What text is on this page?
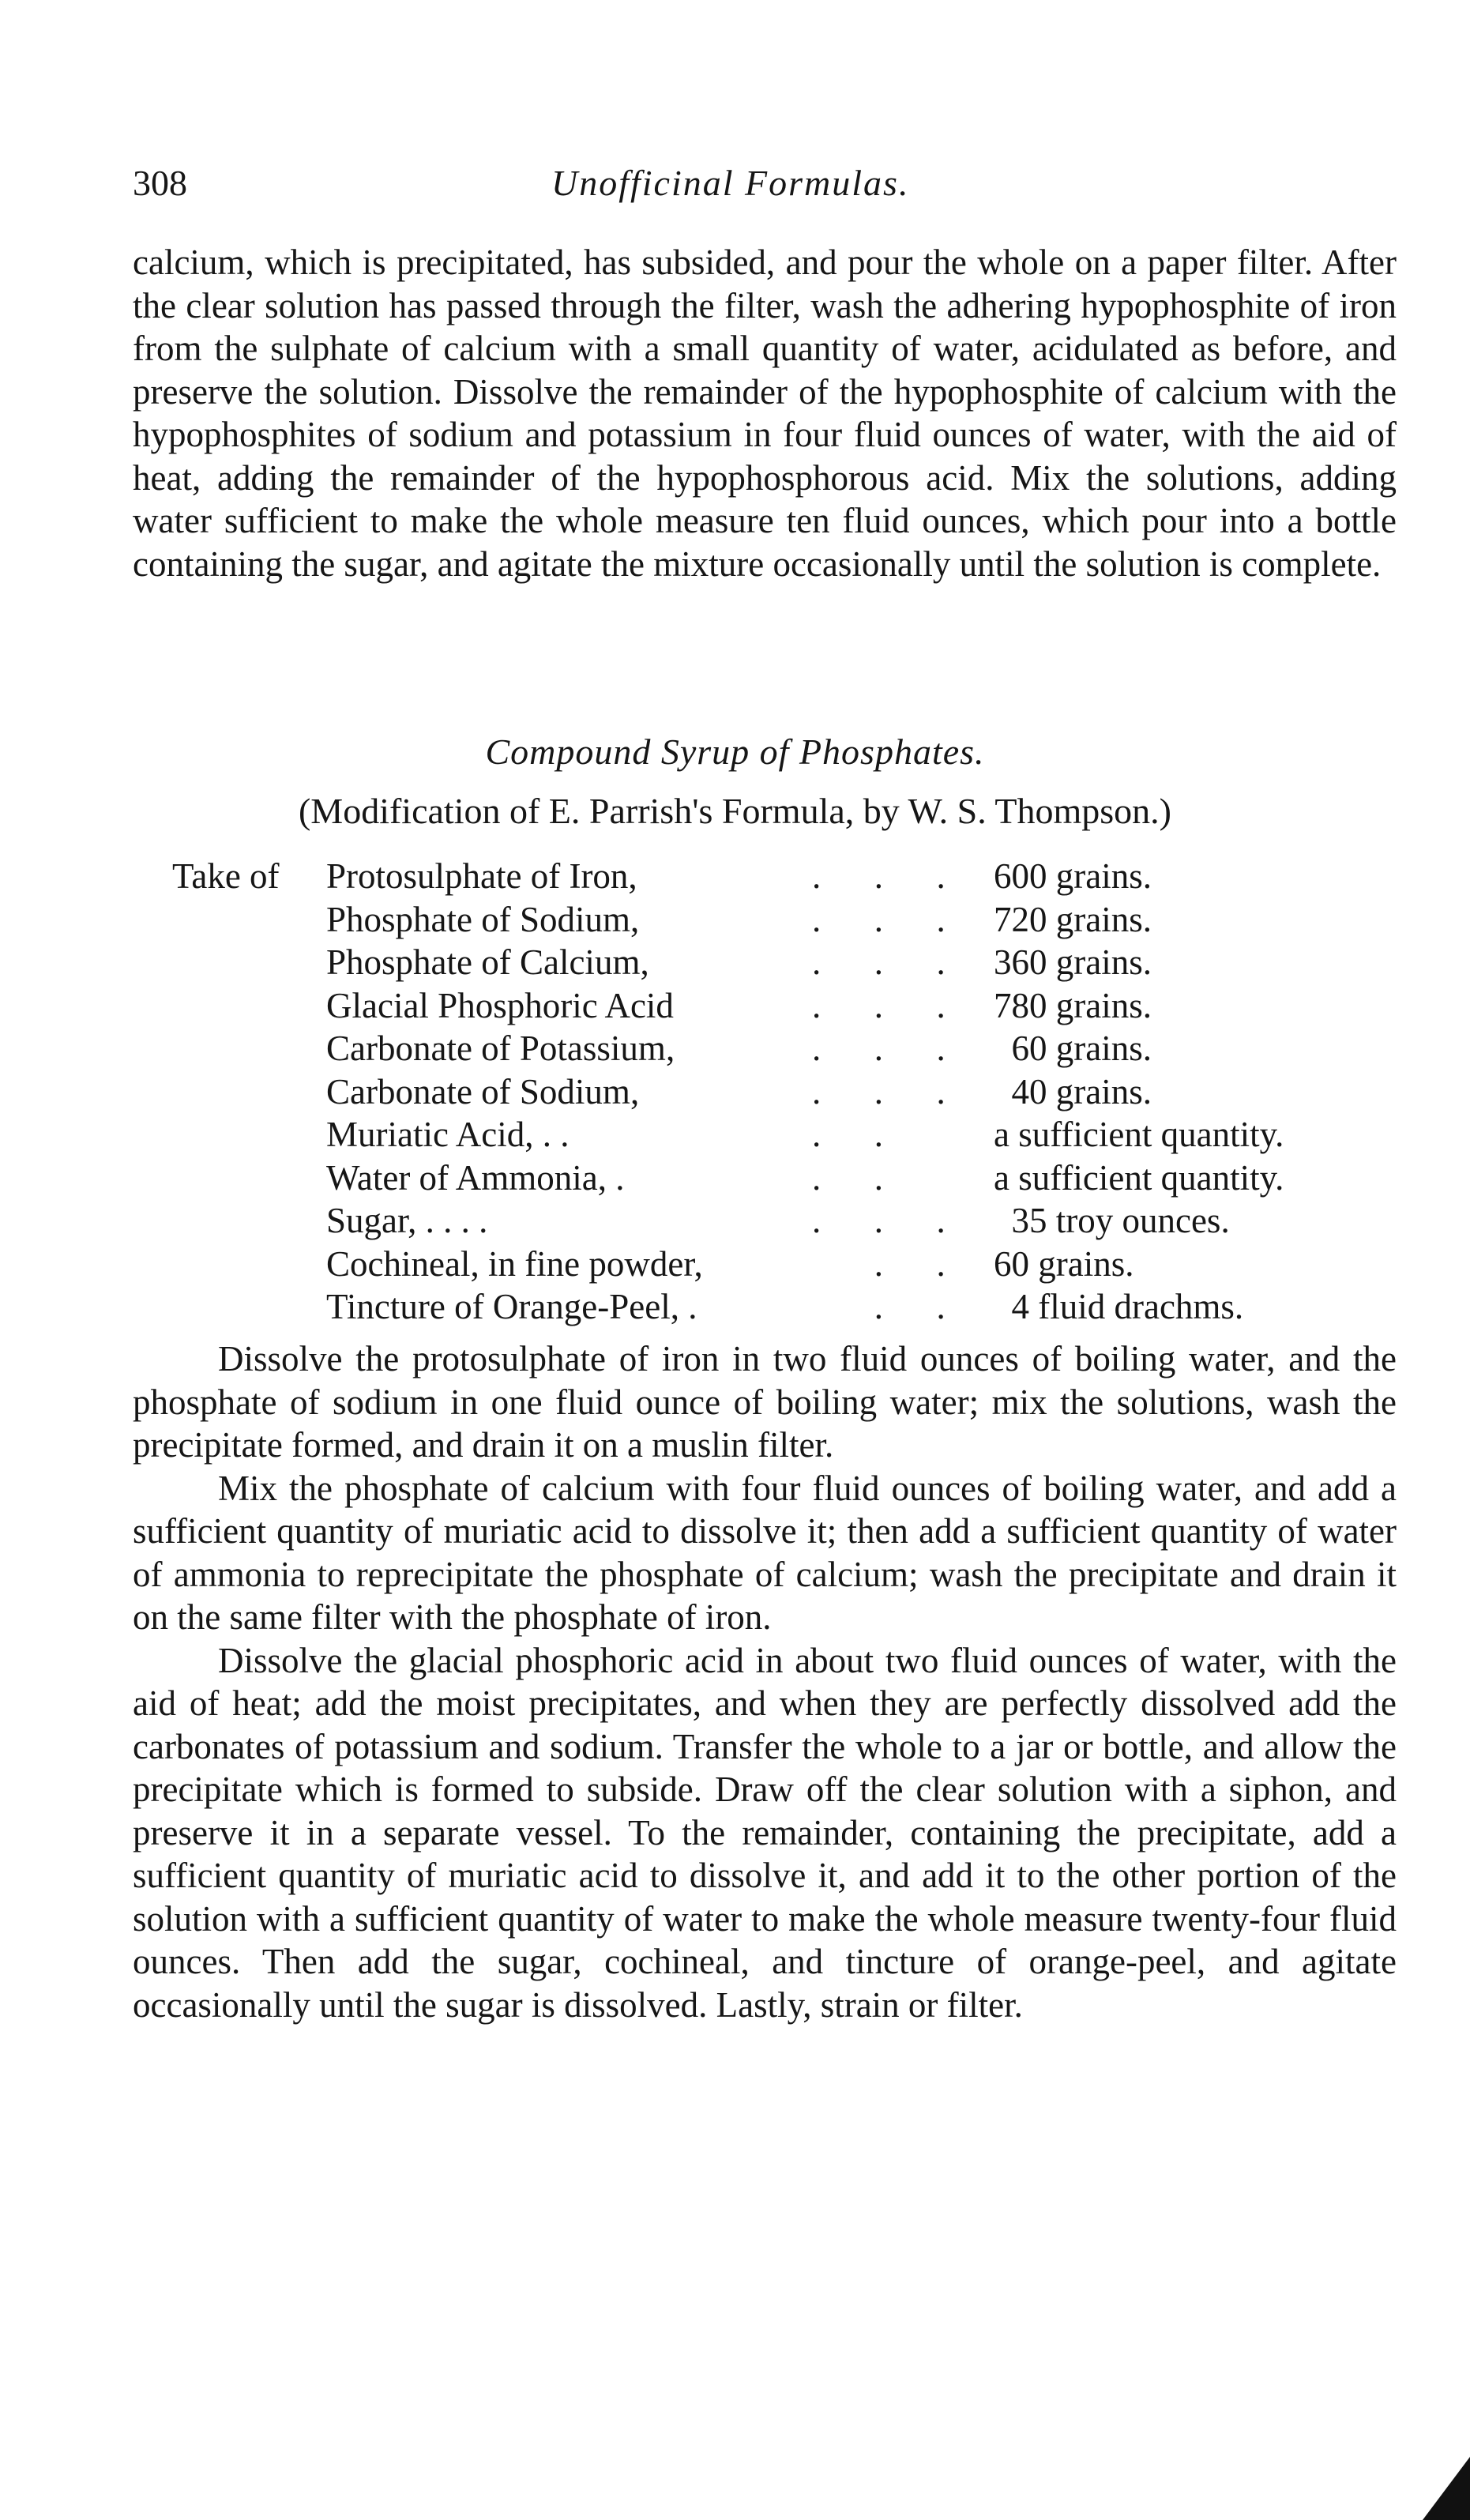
308	Unofficinal Formulas.

calcium, which is precipitated, has subsided, and pour the whole on a paper filter. After the clear solution has passed through the filter, wash the adhering hypophosphite of iron from the sulphate of calcium with a small quantity of water, acidulated as before, and preserve the solution. Dissolve the remainder of the hypophosphite of calcium with the hypophosphites of sodium and potassium in four fluid ounces of water, with the aid of heat, adding the remainder of the hypophosphorous acid. Mix the solutions, adding water sufficient to make the whole measure ten fluid ounces, which pour into a bottle containing the sugar, and agitate the mixture occasionally until the solution is complete.

Compound Syrup of Phosphates.
(Modification of E. Parrish's Formula, by W. S. Thompson.)
Take of Protosulphate of Iron,	.      .      . 600 grains.
Phosphate of Sodium,	.      .      . 720 grains.
Phosphate of Calcium,	.      .      . 360 grains.
Glacial Phosphoric Acid	.      .      . 780 grains.
Carbonate of Potassium,	.      .      . 60 grains.
Carbonate of Sodium,	.      .      . 40 grains.
Muriatic Acid, . .	.      .	a sufficient quantity.
Water of Ammonia, .	.      .	a sufficient quantity.
Sugar, . . . .	.      .      . 35 troy ounces.
Cochineal, in fine powder,	.      . 60 grains.
Tincture of Orange-Peel, .	.      . 4 fluid drachms.

Dissolve the protosulphate of iron in two fluid ounces of boiling water, and the phosphate of sodium in one fluid ounce of boiling water; mix the solutions, wash the precipitate formed, and drain it on a muslin filter.

Mix the phosphate of calcium with four fluid ounces of boiling water, and add a sufficient quantity of muriatic acid to dissolve it; then add a sufficient quantity of water of ammonia to reprecipitate the phosphate of calcium; wash the precipitate and drain it on the same filter with the phosphate of iron.

Dissolve the glacial phosphoric acid in about two fluid ounces of water, with the aid of heat; add the moist precipitates, and when they are perfectly dissolved add the carbonates of potassium and sodium. Transfer the whole to a jar or bottle, and allow the precipitate which is formed to subside. Draw off the clear solution with a siphon, and preserve it in a separate vessel. To the remainder, containing the precipitate, add a sufficient quantity of muriatic acid to dissolve it, and add it to the other portion of the solution with a sufficient quantity of water to make the whole measure twenty-four fluid ounces. Then add the sugar, cochineal, and tincture of orange-peel, and agitate occasionally until the sugar is dissolved. Lastly, strain or filter.
